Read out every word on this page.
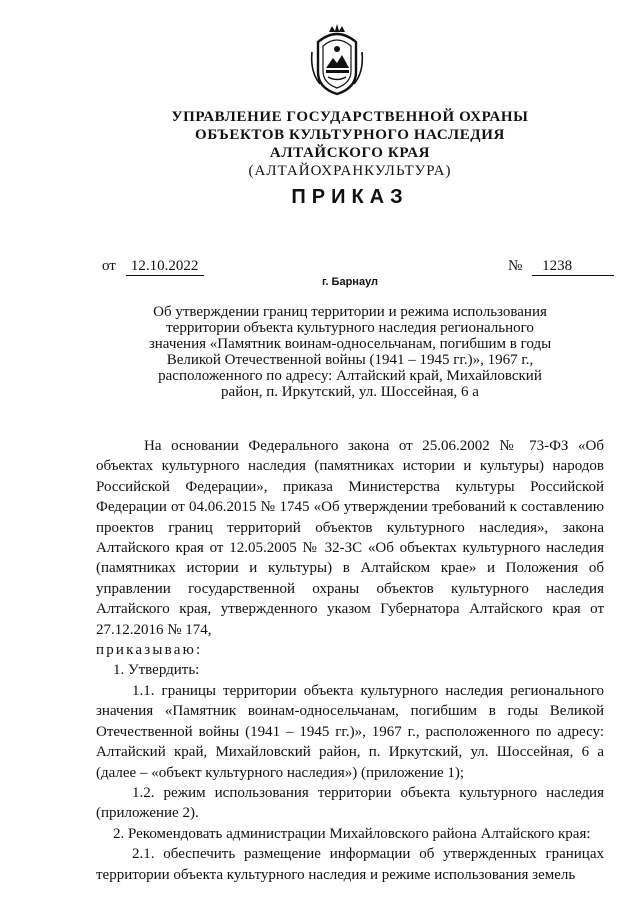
УПРАВЛЕНИЕ ГОСУДАРСТВЕННОЙ ОХРАНЫ
ОБЪЕКТОВ КУЛЬТУРНОГО НАСЛЕДИЯ
АЛТАЙСКОГО КРАЯ
(АЛТАЙОХРАНКУЛЬТУРА)
ПРИКАЗ
от 12.10.2022	№ 1238
г. Барнаул
Об утверждении границ территории и режима использования
территории объекта культурного наследия регионального
значения «Памятник воинам-односельчанам, погибшим в годы
Великой Отечественной войны (1941 – 1945 гг.)», 1967 г.,
расположенного по адресу: Алтайский край, Михайловский
район, п. Иркутский, ул. Шоссейная, 6 а

На основании Федерального закона от 25.06.2002 № 73-ФЗ «Об объектах культурного наследия (памятниках истории и культуры) народов Российской Федерации», приказа Министерства культуры Российской Федерации от 04.06.2015 № 1745 «Об утверждении требований к составлению проектов границ территорий объектов культурного наследия», закона Алтайского края от 12.05.2005 № 32-ЗС «Об объектах культурного наследия (памятниках истории и культуры) в Алтайском крае» и Положения об управлении государственной охраны объектов культурного наследия Алтайского края, утвержденного указом Губернатора Алтайского края от 27.12.2016 № 174,

приказываю:

1. Утвердить:

1.1. границы территории объекта культурного наследия регионального значения «Памятник воинам-односельчанам, погибшим в годы Великой Отечественной войны (1941 – 1945 гг.)», 1967 г., расположенного по адресу: Алтайский край, Михайловский район, п. Иркутский, ул. Шоссейная, 6 а (далее – «объект культурного наследия») (приложение 1);

1.2. режим использования территории объекта культурного наследия (приложение 2).

2. Рекомендовать администрации Михайловского района Алтайского края:

2.1. обеспечить размещение информации об утвержденных границах территории объекта культурного наследия и режиме использования земель
